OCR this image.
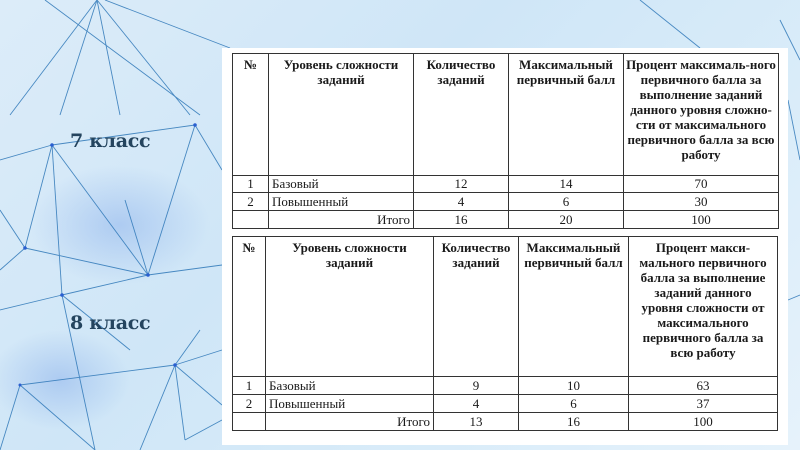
7 класс
8 класс
№	Уровень сложности заданий	Количество заданий	Максимальный первичный балл	Процент максималь-ного первичного балла за выполнение заданий данного уровня сложно-сти от максимального первичного балла за всю работу
1	Базовый	12	14	70
2	Повышенный	4	6	30
	Итого	16	20	100
№	Уровень сложности заданий	Количество заданий	Максимальный первичный балл	Процент макси-мального первичного балла за выполнение заданий данного уровня сложности от максимального первичного балла за всю работу
1	Базовый	9	10	63
2	Повышенный	4	6	37
	Итого	13	16	100
